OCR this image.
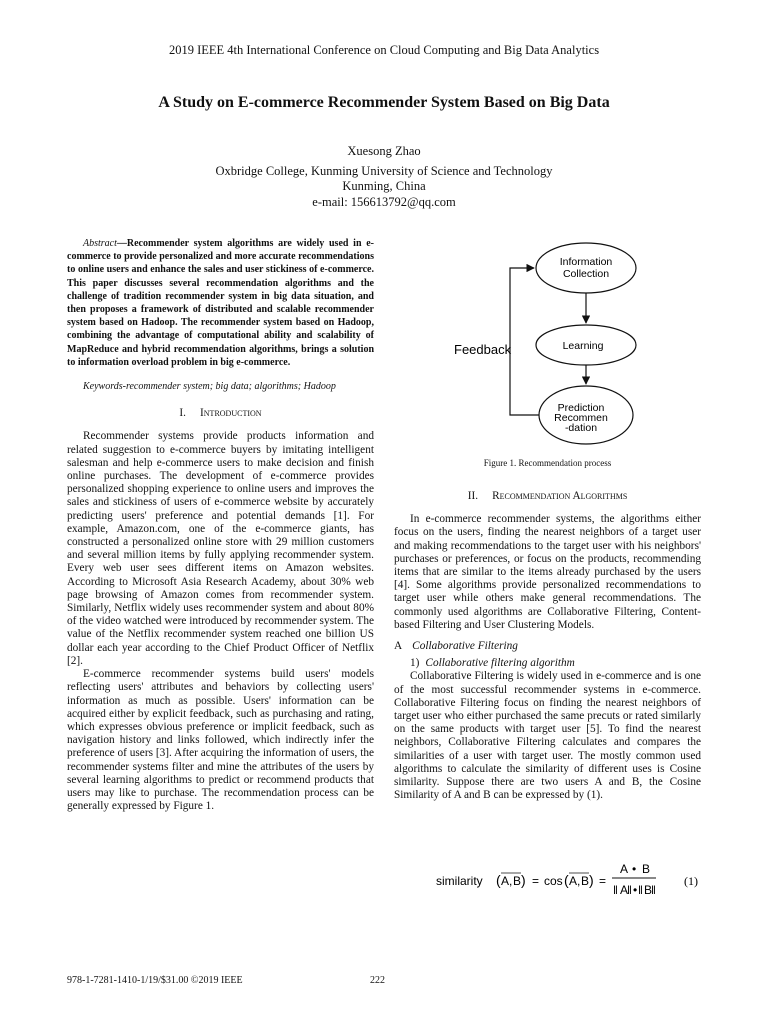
2019 IEEE 4th International Conference on Cloud Computing and Big Data Analytics
A Study on E-commerce Recommender System Based on Big Data
Xuesong Zhao
Oxbridge College, Kunming University of Science and Technology
Kunming, China
e-mail: 156613792@qq.com

Abstract—Recommender system algorithms are widely used in e-commerce to provide personalized and more accurate recommendations to online users and enhance the sales and user stickiness of e-commerce. This paper discusses several recommendation algorithms and the challenge of tradition recommender system in big data situation, and then proposes a framework of distributed and scalable recommender system based on Hadoop. The recommender system based on Hadoop, combining the advantage of computational ability and scalability of MapReduce and hybrid recommendation algorithms, brings a solution to information overload problem in big e-commerce.

Keywords-recommender system; big data; algorithms; Hadoop

I. Introduction

Recommender systems provide products information and related suggestion to e-commerce buyers by imitating intelligent salesman and help e-commerce users to make decision and finish online purchases. The development of e-commerce provides personalized shopping experience to online users and improves the sales and stickiness of users of e-commerce website by accurately predicting users' preference and potential demands [1]. For example, Amazon.com, one of the e-commerce giants, has constructed a personalized online store with 29 million customers and several million items by fully applying recommender system. Every web user sees different items on Amazon websites. According to Microsoft Asia Research Academy, about 30% web page browsing of Amazon comes from recommender system. Similarly, Netflix widely uses recommender system and about 80% of the video watched were introduced by recommender system. The value of the Netflix recommender system reached one billion US dollar each year according to the Chief Product Officer of Netflix [2].

E-commerce recommender systems build users' models reflecting users' attributes and behaviors by collecting users' information as much as possible. Users' information can be acquired either by explicit feedback, such as purchasing and rating, which expresses obvious preference or implicit feedback, such as navigation history and links followed, which indirectly infer the preference of users [3]. After acquiring the information of users, the recommender systems filter and mine the attributes of the users by several learning algorithms to predict or recommend products that users may like to purchase. The recommendation process can be generally expressed by Figure 1.

Information
Collection
Learning
Prediction
Recommen
-dation
Feedback
Figure 1. Recommendation process

II. Recommendation Algorithms

In e-commerce recommender systems, the algorithms either focus on the users, finding the nearest neighbors of a target user and making recommendations to the target user with his neighbors' purchases or preferences, or focus on the products, recommending items that are similar to the items already purchased by the users [4]. Some algorithms provide personalized recommendations to target user while others make general recommendations. The commonly used algorithms are Collaborative Filtering, Content-based Filtering and User Clustering Models.

A Collaborative Filtering

1) Collaborative filtering algorithm

Collaborative Filtering is widely used in e-commerce and is one of the most successful recommender systems in e-commerce. Collaborative Filtering focus on finding the nearest neighbors of target user who either purchased the same precuts or rated similarly on the same products with target user [5]. To find the nearest neighbors, Collaborative Filtering calculates and compares the similarities of a user with target user. The mostly common used algorithms to calculate the similarity of different uses is Cosine similarity. Suppose there are two users A and B, the Cosine Similarity of A and B can be expressed by (1).

similarity ( A , B ) = cos ( A , B ) =
A • B
‖ A
‖ • ‖ B
‖
(1)
978-1-7281-1410-1/19/$31.00 ©2019 IEEE	222
